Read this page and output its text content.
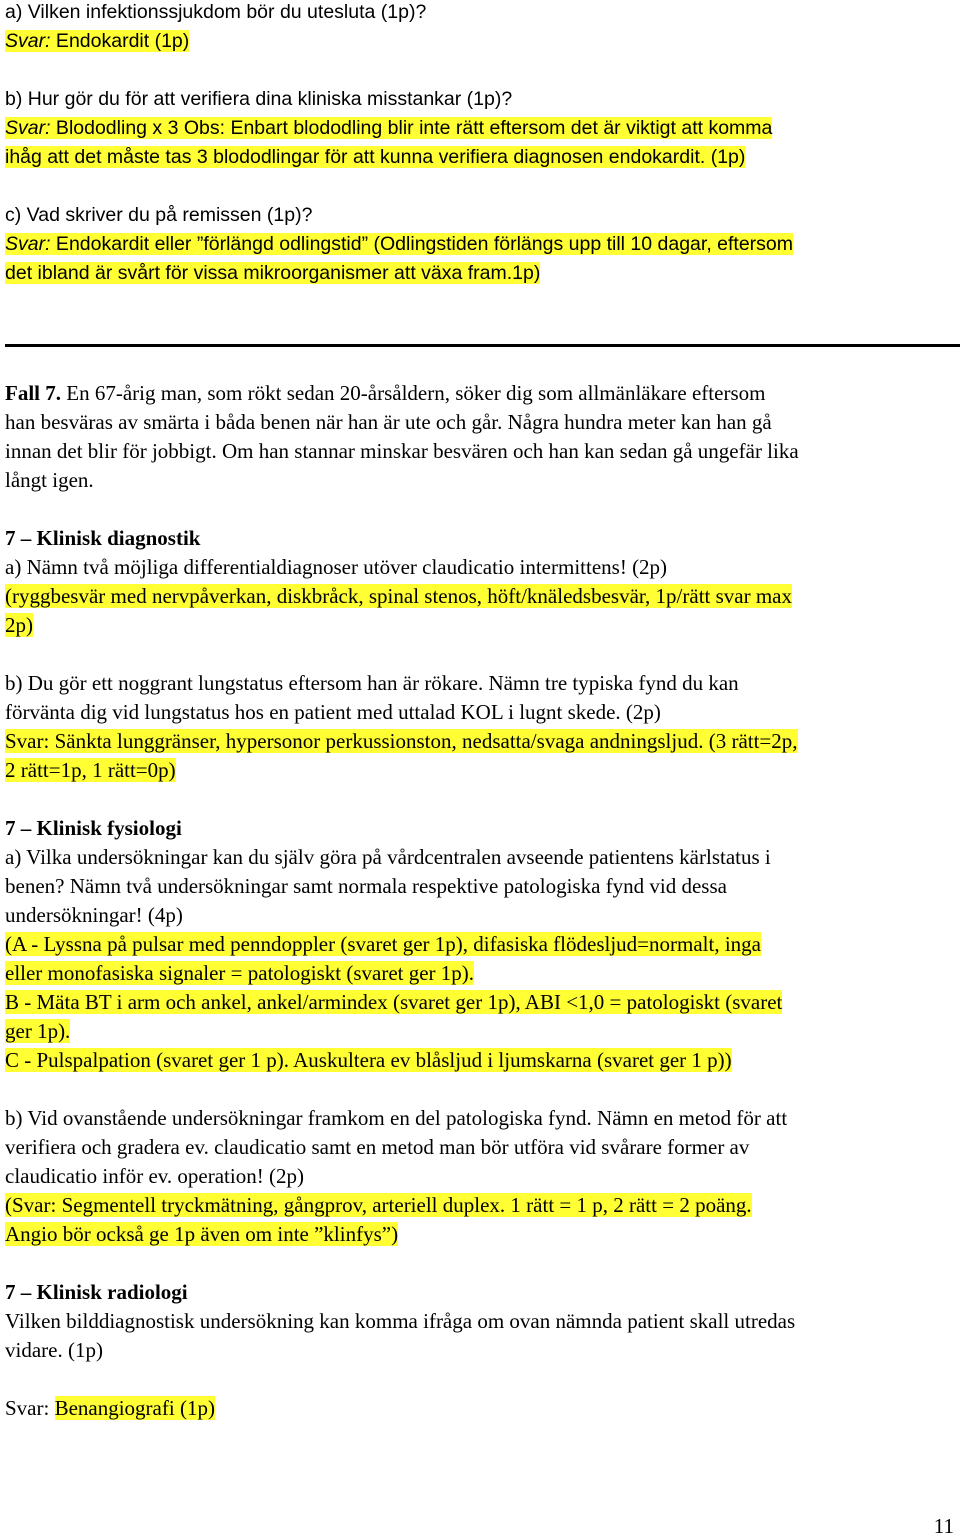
a) Vilken infektionssjukdom bör du utesluta (1p)?
Svar: Endokardit (1p)
b) Hur gör du för att verifiera dina kliniska misstankar (1p)?
Svar: Blododling x 3 Obs: Enbart blododling blir inte rätt eftersom det är viktigt att komma
ihåg att det måste tas 3 blododlingar för att kunna verifiera diagnosen endokardit. (1p)
c) Vad skriver du på remissen (1p)?
Svar: Endokardit eller ”förlängd odlingstid” (Odlingstiden förlängs upp till 10 dagar, eftersom
det ibland är svårt för vissa mikroorganismer att växa fram.1p)
Fall 7. En 67-årig man, som rökt sedan 20-årsåldern, söker dig som allmänläkare eftersom
han besväras av smärta i båda benen när han är ute och går. Några hundra meter kan han gå
innan det blir för jobbigt. Om han stannar minskar besvären och han kan sedan gå ungefär lika
långt igen.
7 – Klinisk diagnostik
a) Nämn två möjliga differentialdiagnoser utöver claudicatio intermittens! (2p)
(ryggbesvär med nervpåverkan, diskbråck, spinal stenos, höft/knäledsbesvär, 1p/rätt svar max
2p)
b) Du gör ett noggrant lungstatus eftersom han är rökare. Nämn tre typiska fynd du kan
förvänta dig vid lungstatus hos en patient med uttalad KOL i lugnt skede. (2p)
Svar: Sänkta lunggränser, hypersonor perkussionston, nedsatta/svaga andningsljud. (3 rätt=2p,
2 rätt=1p, 1 rätt=0p)
7 – Klinisk fysiologi
a) Vilka undersökningar kan du själv göra på vårdcentralen avseende patientens kärlstatus i
benen? Nämn två undersökningar samt normala respektive patologiska fynd vid dessa
undersökningar! (4p)
(A - Lyssna på pulsar med penndoppler (svaret ger 1p), difasiska flödesljud=normalt, inga
eller monofasiska signaler = patologiskt (svaret ger 1p).
B - Mäta BT i arm och ankel, ankel/armindex (svaret ger 1p), ABI <1,0 = patologiskt (svaret
ger 1p).
C - Pulspalpation (svaret ger 1 p). Auskultera ev blåsljud i ljumskarna (svaret ger 1 p))
b) Vid ovanstående undersökningar framkom en del patologiska fynd. Nämn en metod för att
verifiera och gradera ev. claudicatio samt en metod man bör utföra vid svårare former av
claudicatio inför ev. operation! (2p)
(Svar: Segmentell tryckmätning, gångprov, arteriell duplex. 1 rätt = 1 p, 2 rätt = 2 poäng.
Angio bör också ge 1p även om inte ”klinfys”)
7 – Klinisk radiologi
Vilken bilddiagnostisk undersökning kan komma ifråga om ovan nämnda patient skall utredas
vidare. (1p)
Svar: Benangiografi (1p)
11
